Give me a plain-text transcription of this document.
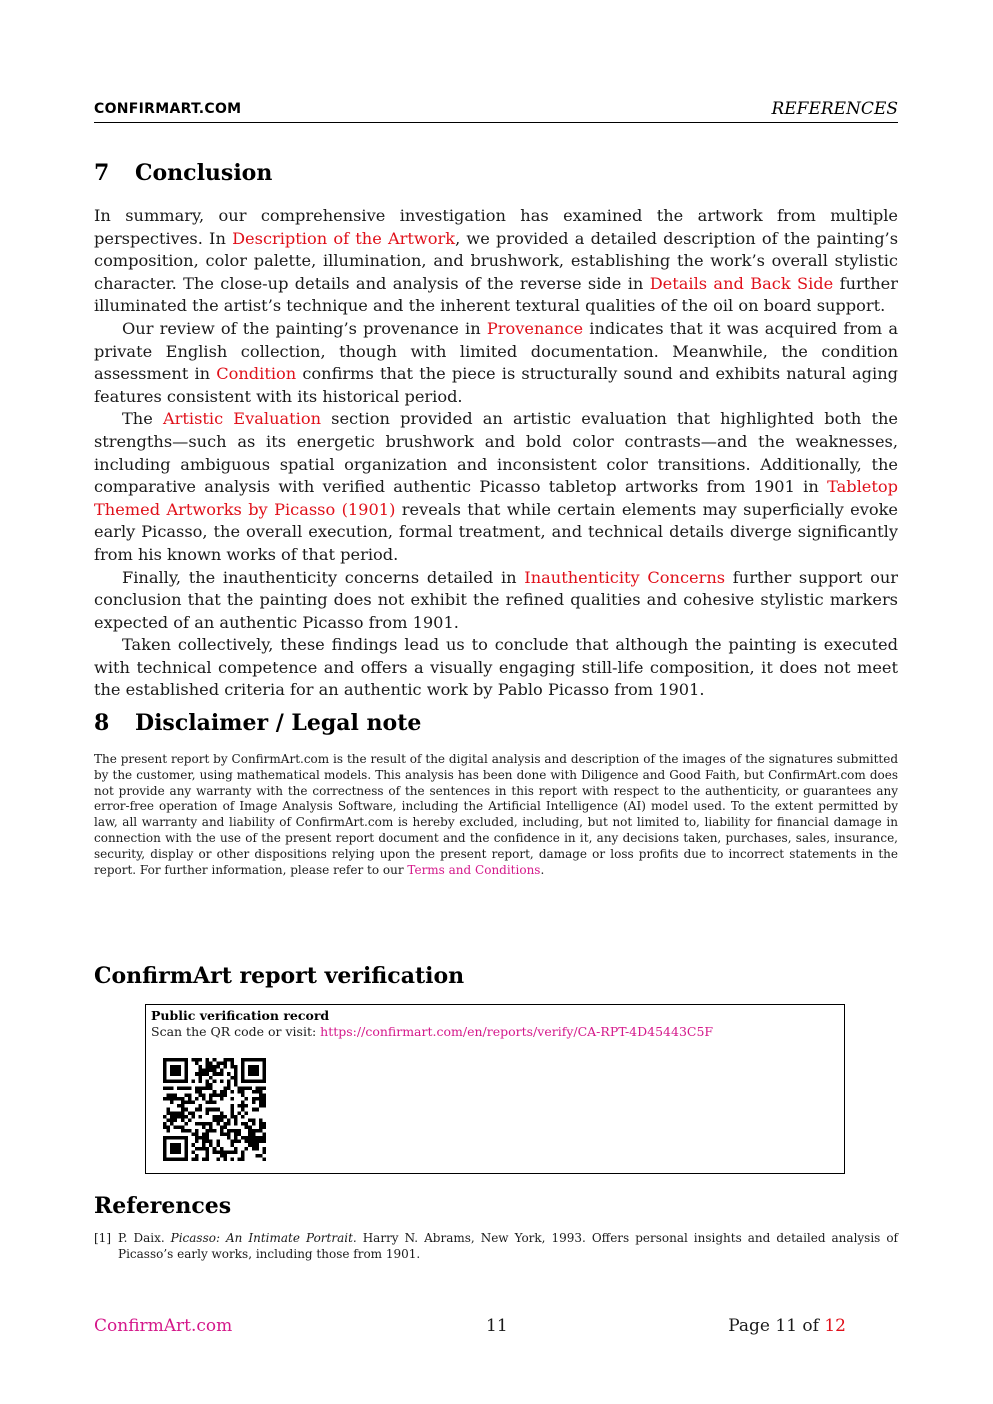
CONFIRMART.COM	REFERENCES
7 Conclusion

In summary, our comprehensive investigation has examined the artwork from multiple perspectives. In Description of the Artwork, we provided a detailed description of the painting’s composition, color palette, illumination, and brushwork, establishing the work’s overall stylistic character. The close-up details and analysis of the reverse side in Details and Back Side further illuminated the artist’s technique and the inherent textural qualities of the oil on board support.

Our review of the painting’s provenance in Provenance indicates that it was acquired from a private English collection, though with limited documentation. Meanwhile, the condition assessment in Condition confirms that the piece is structurally sound and exhibits natural aging features consistent with its historical period.

The Artistic Evaluation section provided an artistic evaluation that highlighted both the strengths—such as its energetic brushwork and bold color contrasts—and the weaknesses, including ambiguous spatial organization and inconsistent color transitions. Additionally, the comparative analysis with verified authentic Picasso tabletop artworks from 1901 in Tabletop Themed Artworks by Picasso (1901) reveals that while certain elements may superficially evoke early Picasso, the overall execution, formal treatment, and technical details diverge significantly from his known works of that period.

Finally, the inauthenticity concerns detailed in Inauthenticity Concerns further support our conclusion that the painting does not exhibit the refined qualities and cohesive stylistic markers expected of an authentic Picasso from 1901.

Taken collectively, these findings lead us to conclude that although the painting is executed with technical competence and offers a visually engaging still-life composition, it does not meet the established criteria for an authentic work by Pablo Picasso from 1901.

8 Disclaimer / Legal note
The present report by ConfirmArt.com is the result of the digital analysis and description of the images of the signatures submitted by the customer, using mathematical models. This analysis has been done with Diligence and Good Faith, but ConfirmArt.com does not provide any warranty with the correctness of the sentences in this report with respect to the authenticity, or guarantees any error-free operation of Image Analysis Software, including the Artificial Intelligence (AI) model used. To the extent permitted by law, all warranty and liability of ConfirmArt.com is hereby excluded, including, but not limited to, liability for financial damage in connection with the use of the present report document and the confidence in it, any decisions taken, purchases, sales, insurance, security, display or other dispositions relying upon the present report, damage or loss profits due to incorrect statements in the report. For further information, please refer to our Terms and Conditions.
ConfirmArt report verification
Public verification record
Scan the QR code or visit: https://confirmart.com/en/reports/verify/CA-RPT-4D45443C5F
References
[1] P. Daix. Picasso: An Intimate Portrait. Harry N. Abrams, New York, 1993. Offers personal insights and detailed analysis of Picasso’s early works, including those from 1901.
ConfirmArt.com	11	Page 11 of 12
